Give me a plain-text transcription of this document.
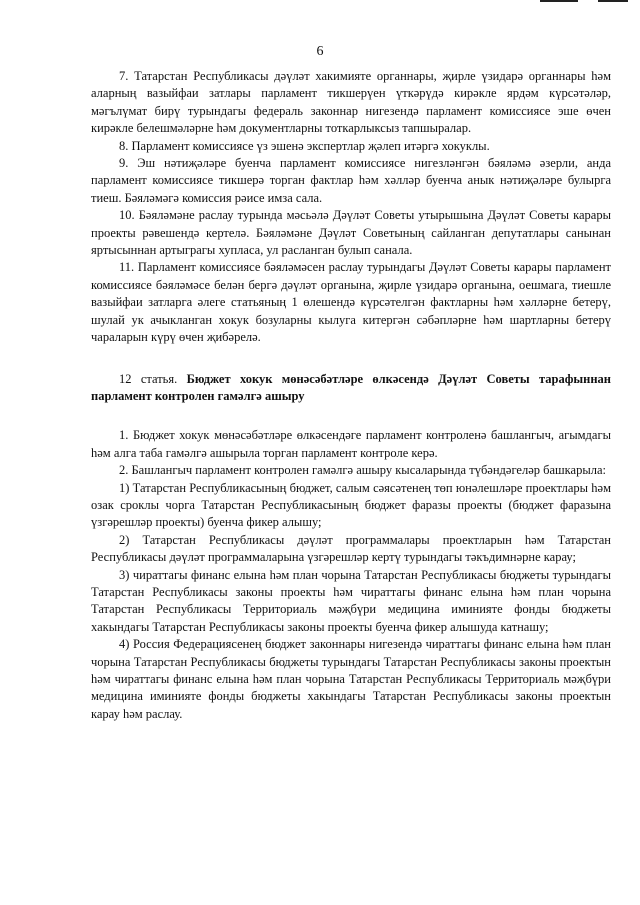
6

7. Татарстан Республикасы дәүләт хакимияте органнары, җирле үзидарә органнары һәм аларның вазыйфаи затлары парламент тикшерүен үткәрүдә кирәкле ярдәм күрсәтәләр, мәгълүмат бирү турындагы федераль законнар нигезендә парламент комиссиясе эше өчен кирәкле белешмәләрне һәм документларны тоткарлыксыз тапшыралар.

8. Парламент комиссиясе үз эшенә экспертлар җәлеп итәргә хокуклы.

9. Эш нәтиҗәләре буенча парламент комиссиясе нигезләнгән бәяләмә әзерли, анда парламент комиссиясе тикшерә торган фактлар һәм хәлләр буенча анык нәтиҗәләре булырга тиеш. Бәяләмәгә комиссия рәисе имза сала.

10. Бәяләмәне раслау турында мәсьәлә Дәүләт Советы утырышына Дәүләт Советы карары проекты рәвешендә кертелә. Бәяләмәне Дәүләт Советының сайланган депутатлары санынан яртысыннан артыграгы хупласа, ул расланган булып санала.

11. Парламент комиссиясе бәяләмәсен раслау турындагы Дәүләт Советы карары парламент комиссиясе бәяләмәсе белән бергә дәүләт органына, җирле үзидарә органына, оешмага, тиешле вазыйфаи затларга әлеге статьяның 1 өлешендә күрсәтелгән фактларны һәм хәлләрне бетерү, шулай ук ачыкланган хокук бозуларны кылуга китергән сәбәпләрне һәм шартларны бетерү чараларын күрү өчен җибәрелә.

12 статья. Бюджет хокук мөнәсәбәтләре өлкәсендә Дәүләт Советы тарафыннан парламент контролен гамәлгә ашыру

1. Бюджет хокук мөнәсәбәтләре өлкәсендәге парламент контроленә башлангыч, агымдагы һәм алга таба гамәлгә ашырыла торган парламент контроле керә.

2. Башлангыч парламент контролен гамәлгә ашыру кысаларында түбәндәгеләр башкарыла:

1) Татарстан Республикасының бюджет, салым сәясәтенең төп юнәлешләре проектлары һәм озак сроклы чорга Татарстан Республикасының бюджет фаразы проекты (бюджет фаразына үзгәрешләр проекты) буенча фикер алышу;

2) Татарстан Республикасы дәүләт программалары проектларын һәм Татарстан Республикасы дәүләт программаларына үзгәрешләр кертү турындагы тәкъдимнәрне карау;

3) чираттагы финанс елына һәм план чорына Татарстан Республикасы бюджеты турындагы Татарстан Республикасы законы проекты һәм чираттагы финанс елына һәм план чорына Татарстан Республикасы Территориаль мәҗбүри медицина иминияте фонды бюджеты хакындагы Татарстан Республикасы законы проекты буенча фикер алышуда катнашу;

4) Россия Федерациясенең бюджет законнары нигезендә чираттагы финанс елына һәм план чорына Татарстан Республикасы бюджеты турындагы Татарстан Республикасы законы проектын һәм чираттагы финанс елына һәм план чорына Татарстан Республикасы Территориаль мәҗбүри медицина иминияте фонды бюджеты хакындагы Татарстан Республикасы законы проектын карау һәм раслау.
